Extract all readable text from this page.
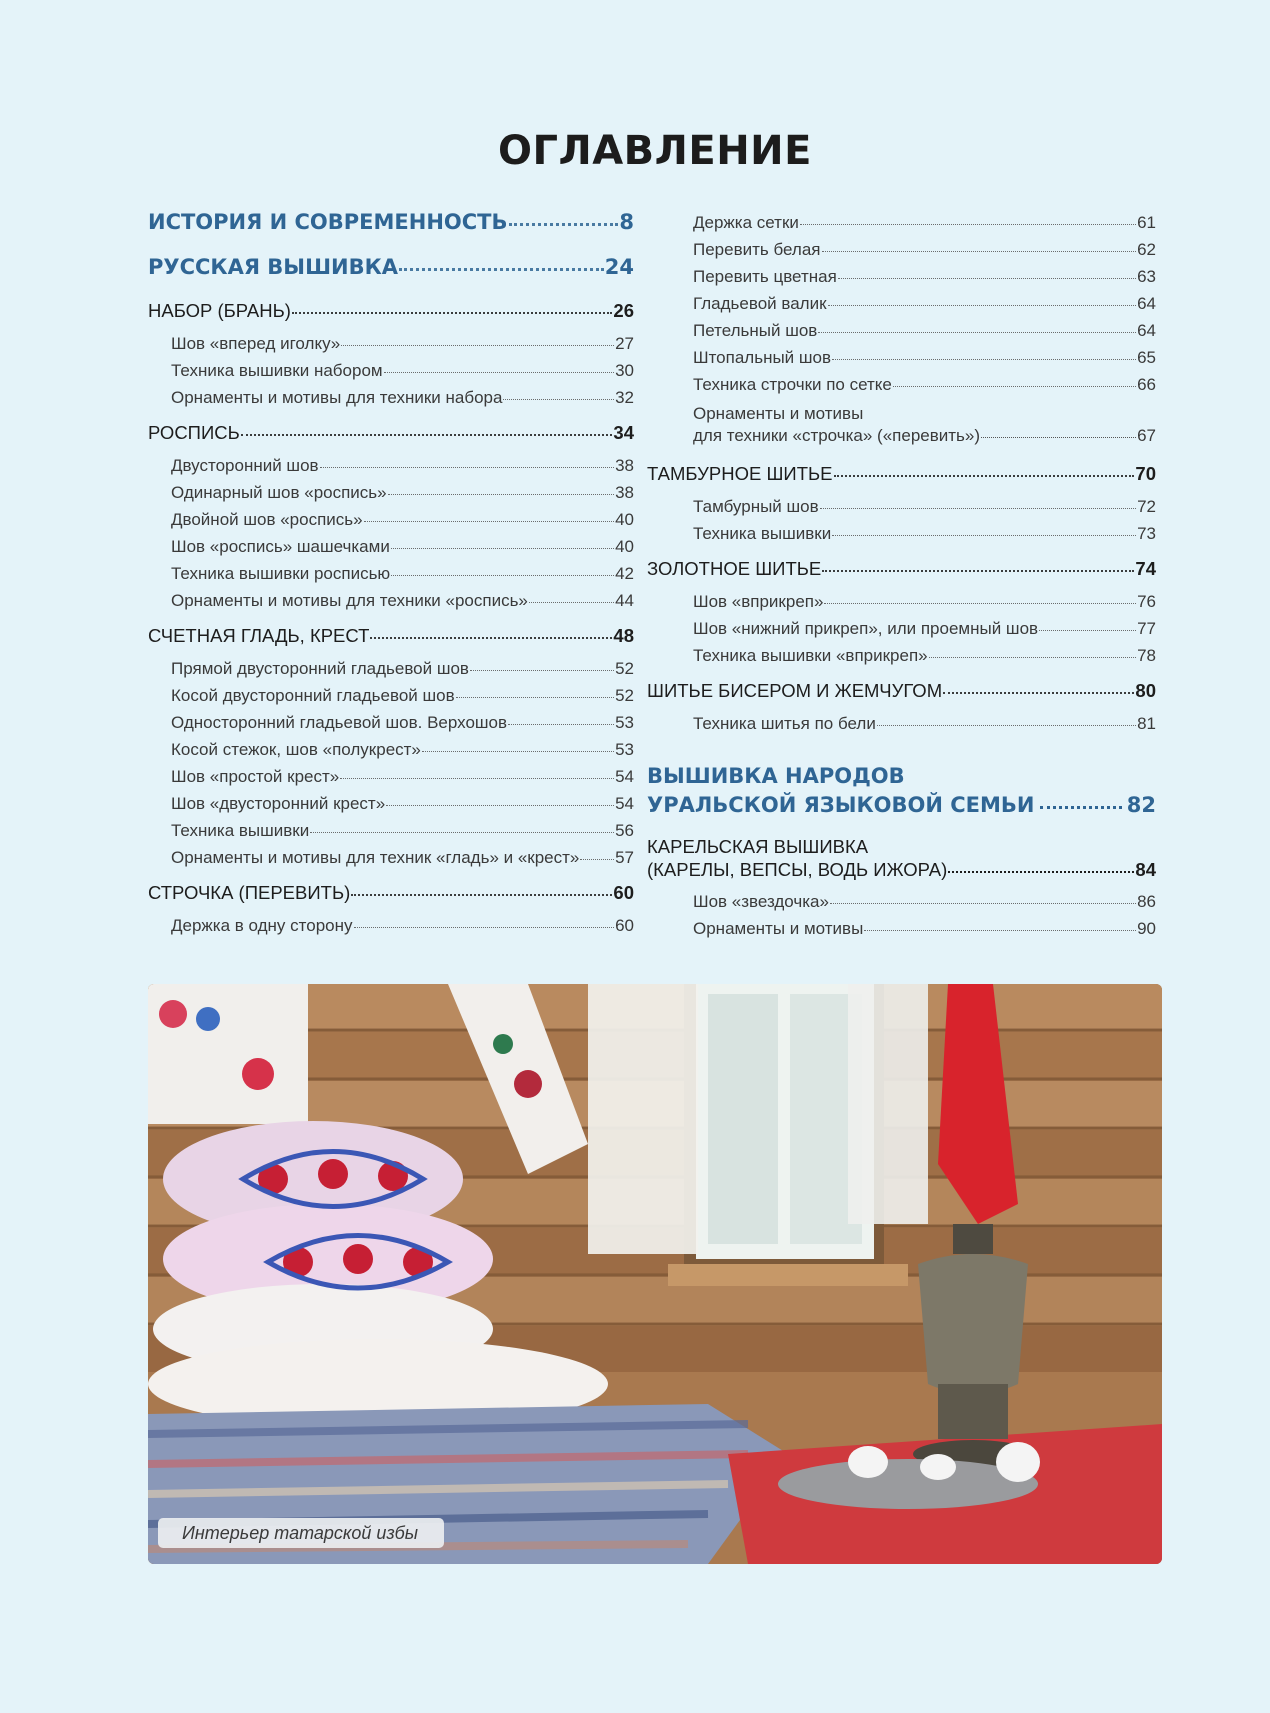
ОГЛАВЛЕНИЕ
ИСТОРИЯ И СОВРЕМЕННОСТЬ	8
РУССКАЯ ВЫШИВКА	24
НАБОР (БРАНЬ)	26
Шов «вперед иголку»	27
Техника вышивки набором	30
Орнаменты и мотивы для техники набора	32
РОСПИСЬ	34
Двусторонний шов	38
Одинарный шов «роспись»	38
Двойной шов «роспись»	40
Шов «роспись» шашечками	40
Техника вышивки росписью	42
Орнаменты и мотивы для техники «роспись»	44
СЧЕТНАЯ ГЛАДЬ, КРЕСТ	48
Прямой двусторонний гладьевой шов	52
Косой двусторонний гладьевой шов	52
Односторонний гладьевой шов. Верхошов	53
Косой стежок, шов «полукрест»	53
Шов «простой крест»	54
Шов «двусторонний крест»	54
Техника вышивки	56
Орнаменты и мотивы для техник «гладь» и «крест» 57
СТРОЧКА (ПЕРЕВИТЬ)	60
Держка в одну сторону	60
Держка сетки	61
Перевить белая	62
Перевить цветная	63
Гладьевой валик	64
Петельный шов	64
Штопальный шов	65
Техника строчки по сетке	66
Орнаменты и мотивы
для техники «строчка» («перевить»)	67
ТАМБУРНОЕ ШИТЬЕ	70
Тамбурный шов	72
Техника вышивки	73
ЗОЛОТНОЕ ШИТЬЕ	74
Шов «вприкреп»	76
Шов «нижний прикреп», или проемный шов	77
Техника вышивки «вприкреп»	78
ШИТЬЕ БИСЕРОМ И ЖЕМЧУГОМ	80
Техника шитья по бели	81
ВЫШИВКА НАРОДОВ
УРАЛЬСКОЙ ЯЗЫКОВОЙ СЕМЬИ	82
КАРЕЛЬСКАЯ ВЫШИВКА
(КАРЕЛЫ, ВЕПСЫ, ВОДЬ ИЖОРА)	84
Шов «звездочка»	86
Орнаменты и мотивы	90
Интерьер татарской избы
